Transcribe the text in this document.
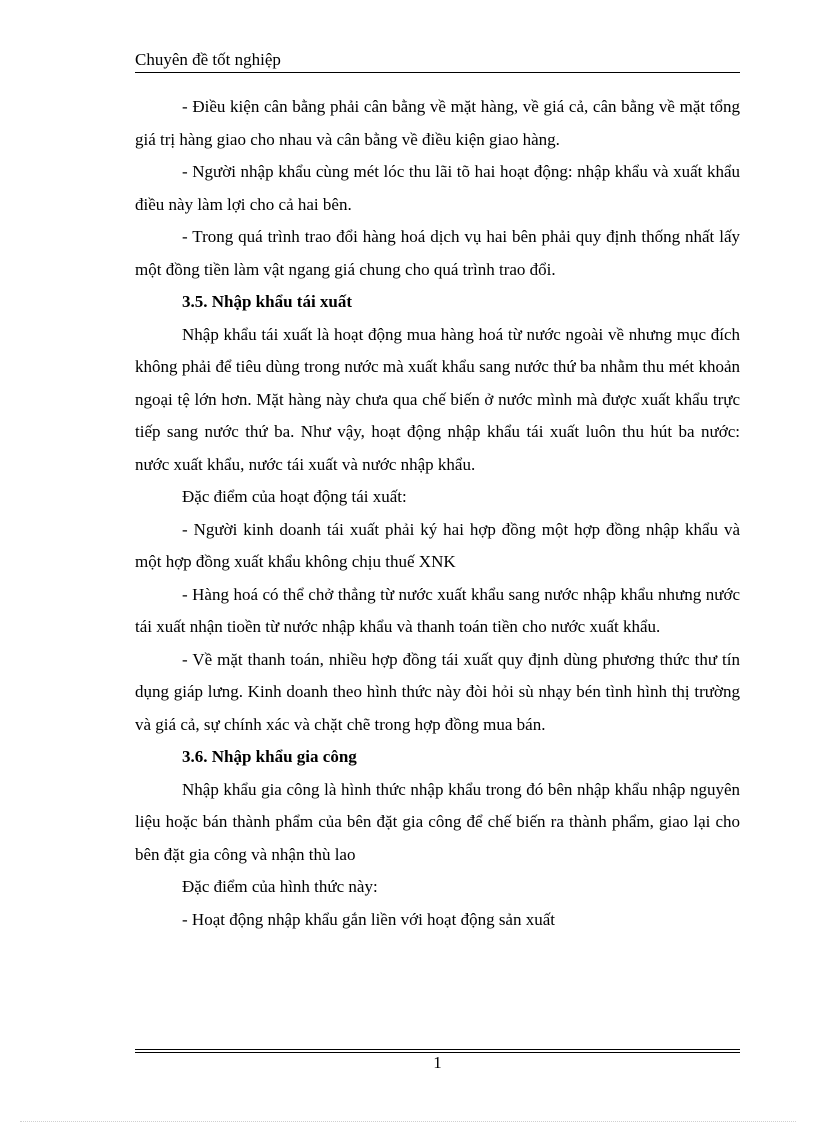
Chuyên đề tốt nghiệp

- Điều kiện cân bằng phải cân bằng về mặt hàng, về giá cả, cân bằng về mặt tổng giá trị hàng giao cho nhau và cân bằng về điều kiện giao hàng.

- Người nhập khẩu cùng mét lóc thu lãi tõ hai hoạt động: nhập khẩu và xuất khẩu điều này làm lợi cho cả hai bên.

- Trong quá trình trao đổi hàng hoá dịch vụ hai bên phải quy định thống nhất lấy một đồng tiền làm vật ngang giá chung cho quá trình trao đổi.

3.5. Nhập khẩu tái xuất

Nhập khẩu tái xuất là hoạt động mua hàng hoá từ nước ngoài về nhưng mục đích không phải để tiêu dùng trong nước mà xuất khẩu sang nước thứ ba nhằm thu mét khoản ngoại tệ lớn hơn. Mặt hàng này chưa qua chế biến ở nước mình mà được xuất khẩu trực tiếp sang nước thứ ba. Như vậy, hoạt động nhập khẩu tái xuất luôn thu hút ba nước: nước xuất khẩu, nước tái xuất và nước nhập khẩu.

Đặc điểm của hoạt động tái xuất:

- Người kinh doanh tái xuất phải ký hai hợp đồng một hợp đồng nhập khẩu và một hợp đồng xuất khẩu không chịu thuế XNK

- Hàng hoá có thể chở thẳng từ nước xuất khẩu sang nước nhập khẩu nhưng nước tái xuất nhận tioền từ nước nhập khẩu và thanh toán tiền cho nước xuất khẩu.

- Về mặt thanh toán, nhiều hợp đồng tái xuất quy định dùng phương thức thư tín dụng giáp lưng. Kinh doanh theo hình thức này đòi hỏi sù nhạy bén tình hình thị trường và giá cả, sự chính xác và chặt chẽ trong hợp đồng mua bán.

3.6. Nhập khẩu gia công

Nhập khẩu gia công là hình thức nhập khẩu trong đó bên nhập khẩu nhập nguyên liệu hoặc bán thành phẩm của bên đặt gia công để chế biến ra thành phẩm, giao lại cho bên đặt gia công và nhận thù lao

Đặc điểm của hình thức này:

- Hoạt động nhập khẩu gắn liền với hoạt động sản xuất

1
